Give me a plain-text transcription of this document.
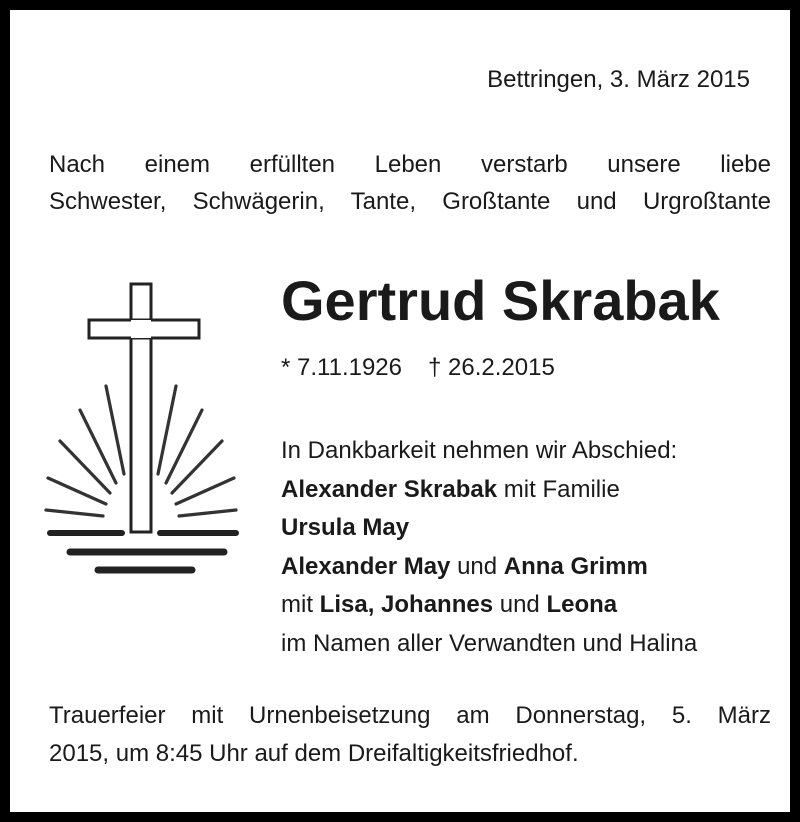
Bettringen, 3. März 2015
Nach einem erfüllten Leben verstarb unsere liebe
Schwester, Schwägerin, Tante, Großtante und Urgroßtante
Gertrud Skrabak
* 7.11.1926 † 26.2.2015
In Dankbarkeit nehmen wir Abschied:
Alexander Skrabak mit Familie
Ursula May
Alexander May und Anna Grimm
mit Lisa, Johannes und Leona
im Namen aller Verwandten und Halina
Trauerfeier mit Urnenbeisetzung am Donnerstag, 5. März
2015, um 8:45 Uhr auf dem Dreifaltigkeitsfriedhof.
